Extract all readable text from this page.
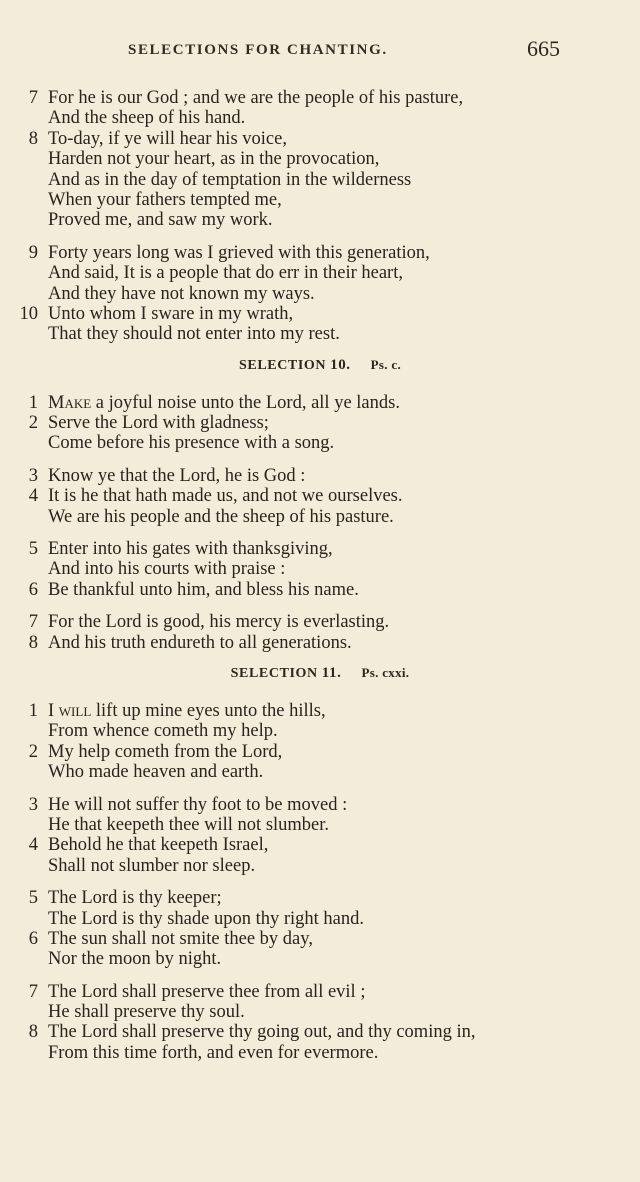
SELECTIONS FOR CHANTING.	665
7 For he is our God ; and we are the people of his pasture,
And the sheep of his hand.
8 To-day, if ye will hear his voice,
Harden not your heart, as in the provocation,
And as in the day of temptation in the wilderness
When your fathers tempted me,
Proved me, and saw my work.
9 Forty years long was I grieved with this generation,
And said, It is a people that do err in their heart,
And they have not known my ways.
10 Unto whom I sware in my wrath,
That they should not enter into my rest.
SELECTION 10. Ps. c.
1 Make a joyful noise unto the Lord, all ye lands.
2 Serve the Lord with gladness;
Come before his presence with a song.
3 Know ye that the Lord, he is God :
4 It is he that hath made us, and not we ourselves.
We are his people and the sheep of his pasture.
5 Enter into his gates with thanksgiving,
And into his courts with praise :
6 Be thankful unto him, and bless his name.
7 For the Lord is good, his mercy is everlasting.
8 And his truth endureth to all generations.
SELECTION 11. Ps. cxxi.
1 I will lift up mine eyes unto the hills,
From whence cometh my help.
2 My help cometh from the Lord,
Who made heaven and earth.
3 He will not suffer thy foot to be moved :
He that keepeth thee will not slumber.
4 Behold he that keepeth Israel,
Shall not slumber nor sleep.
5 The Lord is thy keeper;
The Lord is thy shade upon thy right hand.
6 The sun shall not smite thee by day,
Nor the moon by night.
7 The Lord shall preserve thee from all evil ;
He shall preserve thy soul.
8 The Lord shall preserve thy going out, and thy coming in,
From this time forth, and even for evermore.
